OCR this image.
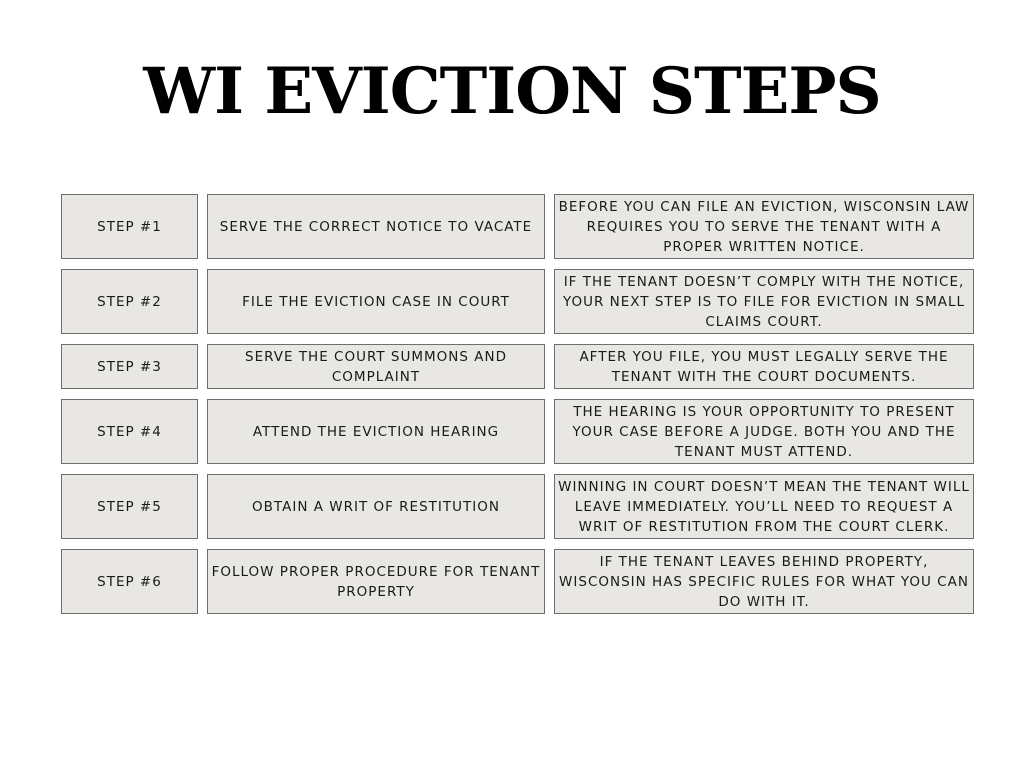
WI EVICTION STEPS
STEP #1	SERVE THE CORRECT NOTICE TO VACATE
BEFORE YOU CAN FILE AN EVICTION, WISCONSIN LAW REQUIRES YOU TO SERVE THE TENANT WITH A PROPER WRITTEN NOTICE.
STEP #2	FILE THE EVICTION CASE IN COURT
IF THE TENANT DOESN’T COMPLY WITH THE NOTICE, YOUR NEXT STEP IS TO FILE FOR EVICTION IN SMALL CLAIMS COURT.
STEP #3
SERVE THE COURT SUMMONS AND COMPLAINT
AFTER YOU FILE, YOU MUST LEGALLY SERVE THE TENANT WITH THE COURT DOCUMENTS.
STEP #4	ATTEND THE EVICTION HEARING
THE HEARING IS YOUR OPPORTUNITY TO PRESENT YOUR CASE BEFORE A JUDGE. BOTH YOU AND THE TENANT MUST ATTEND.
STEP #5	OBTAIN A WRIT OF RESTITUTION
WINNING IN COURT DOESN’T MEAN THE TENANT WILL LEAVE IMMEDIATELY. YOU’LL NEED TO REQUEST A WRIT OF RESTITUTION FROM THE COURT CLERK.
STEP #6
FOLLOW PROPER PROCEDURE FOR TENANT PROPERTY
IF THE TENANT LEAVES BEHIND PROPERTY, WISCONSIN HAS SPECIFIC RULES FOR WHAT YOU CAN DO WITH IT.
